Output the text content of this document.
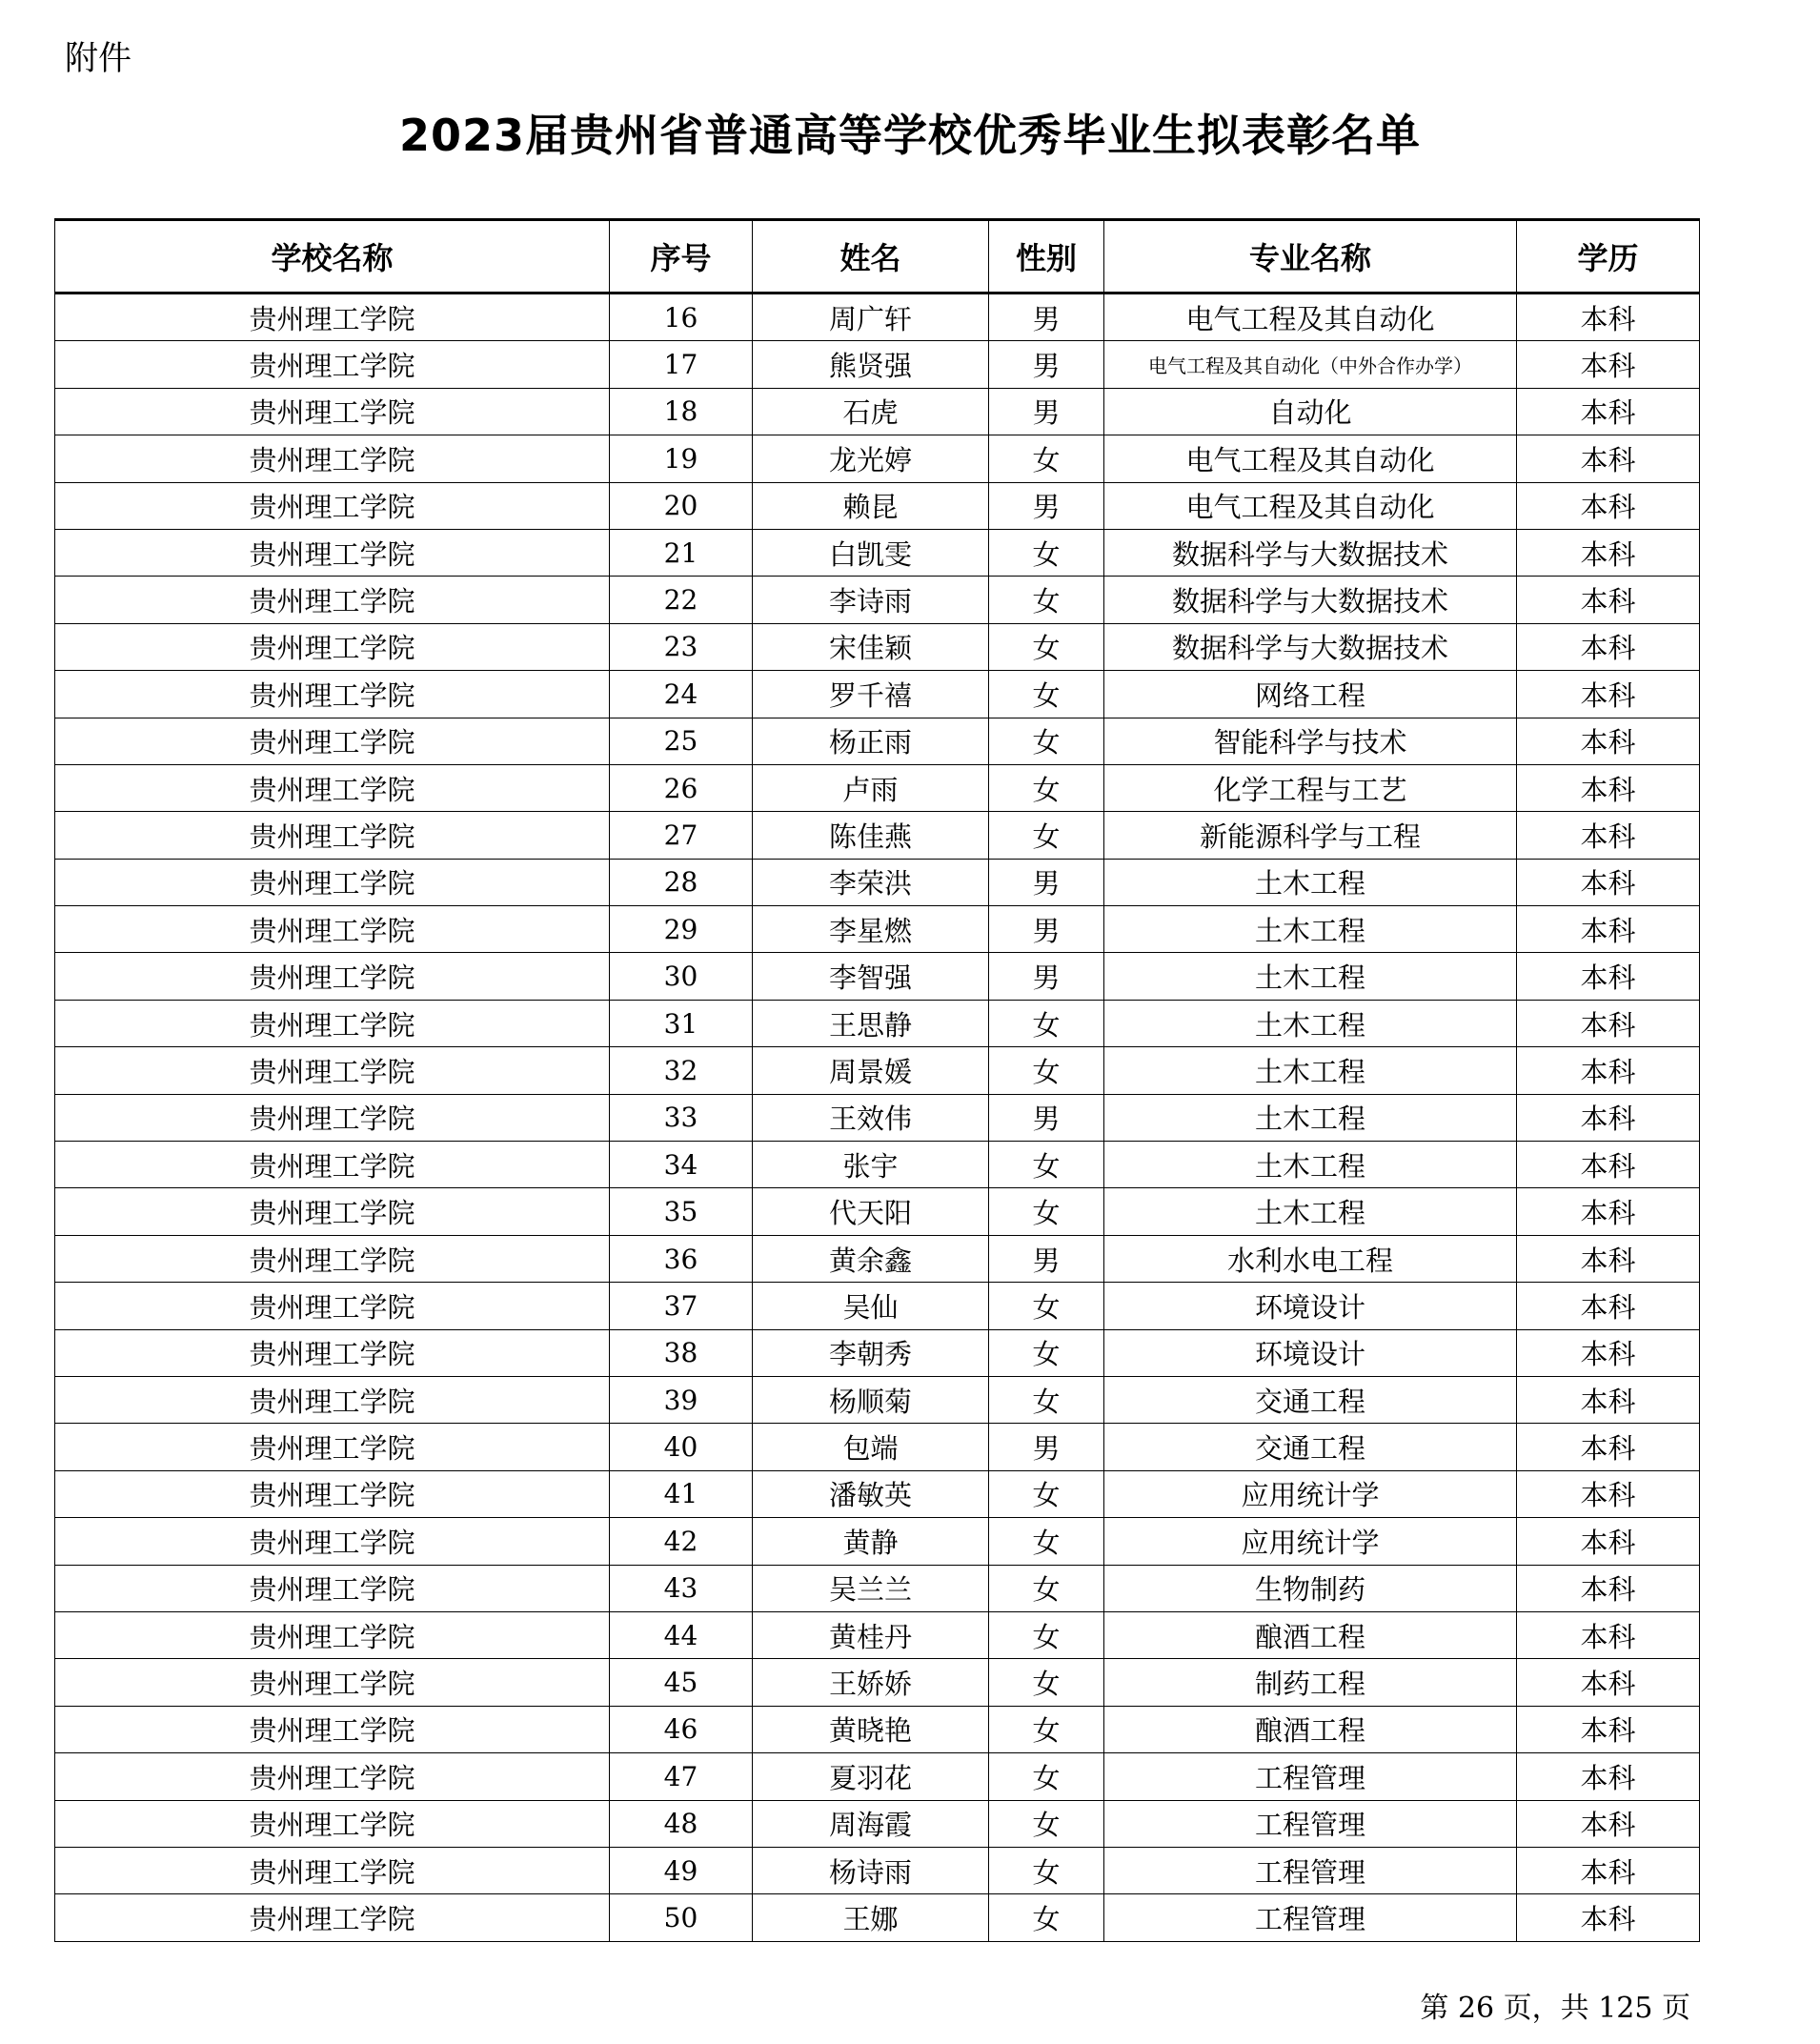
附件
2023届贵州省普通高等学校优秀毕业生拟表彰名单
学校名称	序号	姓名	性别	专业名称	学历
贵州理工学院	16	周广轩	男	电气工程及其自动化	本科
贵州理工学院	17	熊贤强	男	电气工程及其自动化（中外合作办学）	本科
贵州理工学院	18	石虎	男	自动化	本科
贵州理工学院	19	龙光婷	女	电气工程及其自动化	本科
贵州理工学院	20	赖昆	男	电气工程及其自动化	本科
贵州理工学院	21	白凯雯	女	数据科学与大数据技术	本科
贵州理工学院	22	李诗雨	女	数据科学与大数据技术	本科
贵州理工学院	23	宋佳颖	女	数据科学与大数据技术	本科
贵州理工学院	24	罗千禧	女	网络工程	本科
贵州理工学院	25	杨正雨	女	智能科学与技术	本科
贵州理工学院	26	卢雨	女	化学工程与工艺	本科
贵州理工学院	27	陈佳燕	女	新能源科学与工程	本科
贵州理工学院	28	李荣洪	男	土木工程	本科
贵州理工学院	29	李星燃	男	土木工程	本科
贵州理工学院	30	李智强	男	土木工程	本科
贵州理工学院	31	王思静	女	土木工程	本科
贵州理工学院	32	周景媛	女	土木工程	本科
贵州理工学院	33	王效伟	男	土木工程	本科
贵州理工学院	34	张宇	女	土木工程	本科
贵州理工学院	35	代天阳	女	土木工程	本科
贵州理工学院	36	黄余鑫	男	水利水电工程	本科
贵州理工学院	37	吴仙	女	环境设计	本科
贵州理工学院	38	李朝秀	女	环境设计	本科
贵州理工学院	39	杨顺菊	女	交通工程	本科
贵州理工学院	40	包端	男	交通工程	本科
贵州理工学院	41	潘敏英	女	应用统计学	本科
贵州理工学院	42	黄静	女	应用统计学	本科
贵州理工学院	43	吴兰兰	女	生物制药	本科
贵州理工学院	44	黄桂丹	女	酿酒工程	本科
贵州理工学院	45	王娇娇	女	制药工程	本科
贵州理工学院	46	黄晓艳	女	酿酒工程	本科
贵州理工学院	47	夏羽花	女	工程管理	本科
贵州理工学院	48	周海霞	女	工程管理	本科
贵州理工学院	49	杨诗雨	女	工程管理	本科
贵州理工学院	50	王娜	女	工程管理	本科
第 26 页，共 125 页
